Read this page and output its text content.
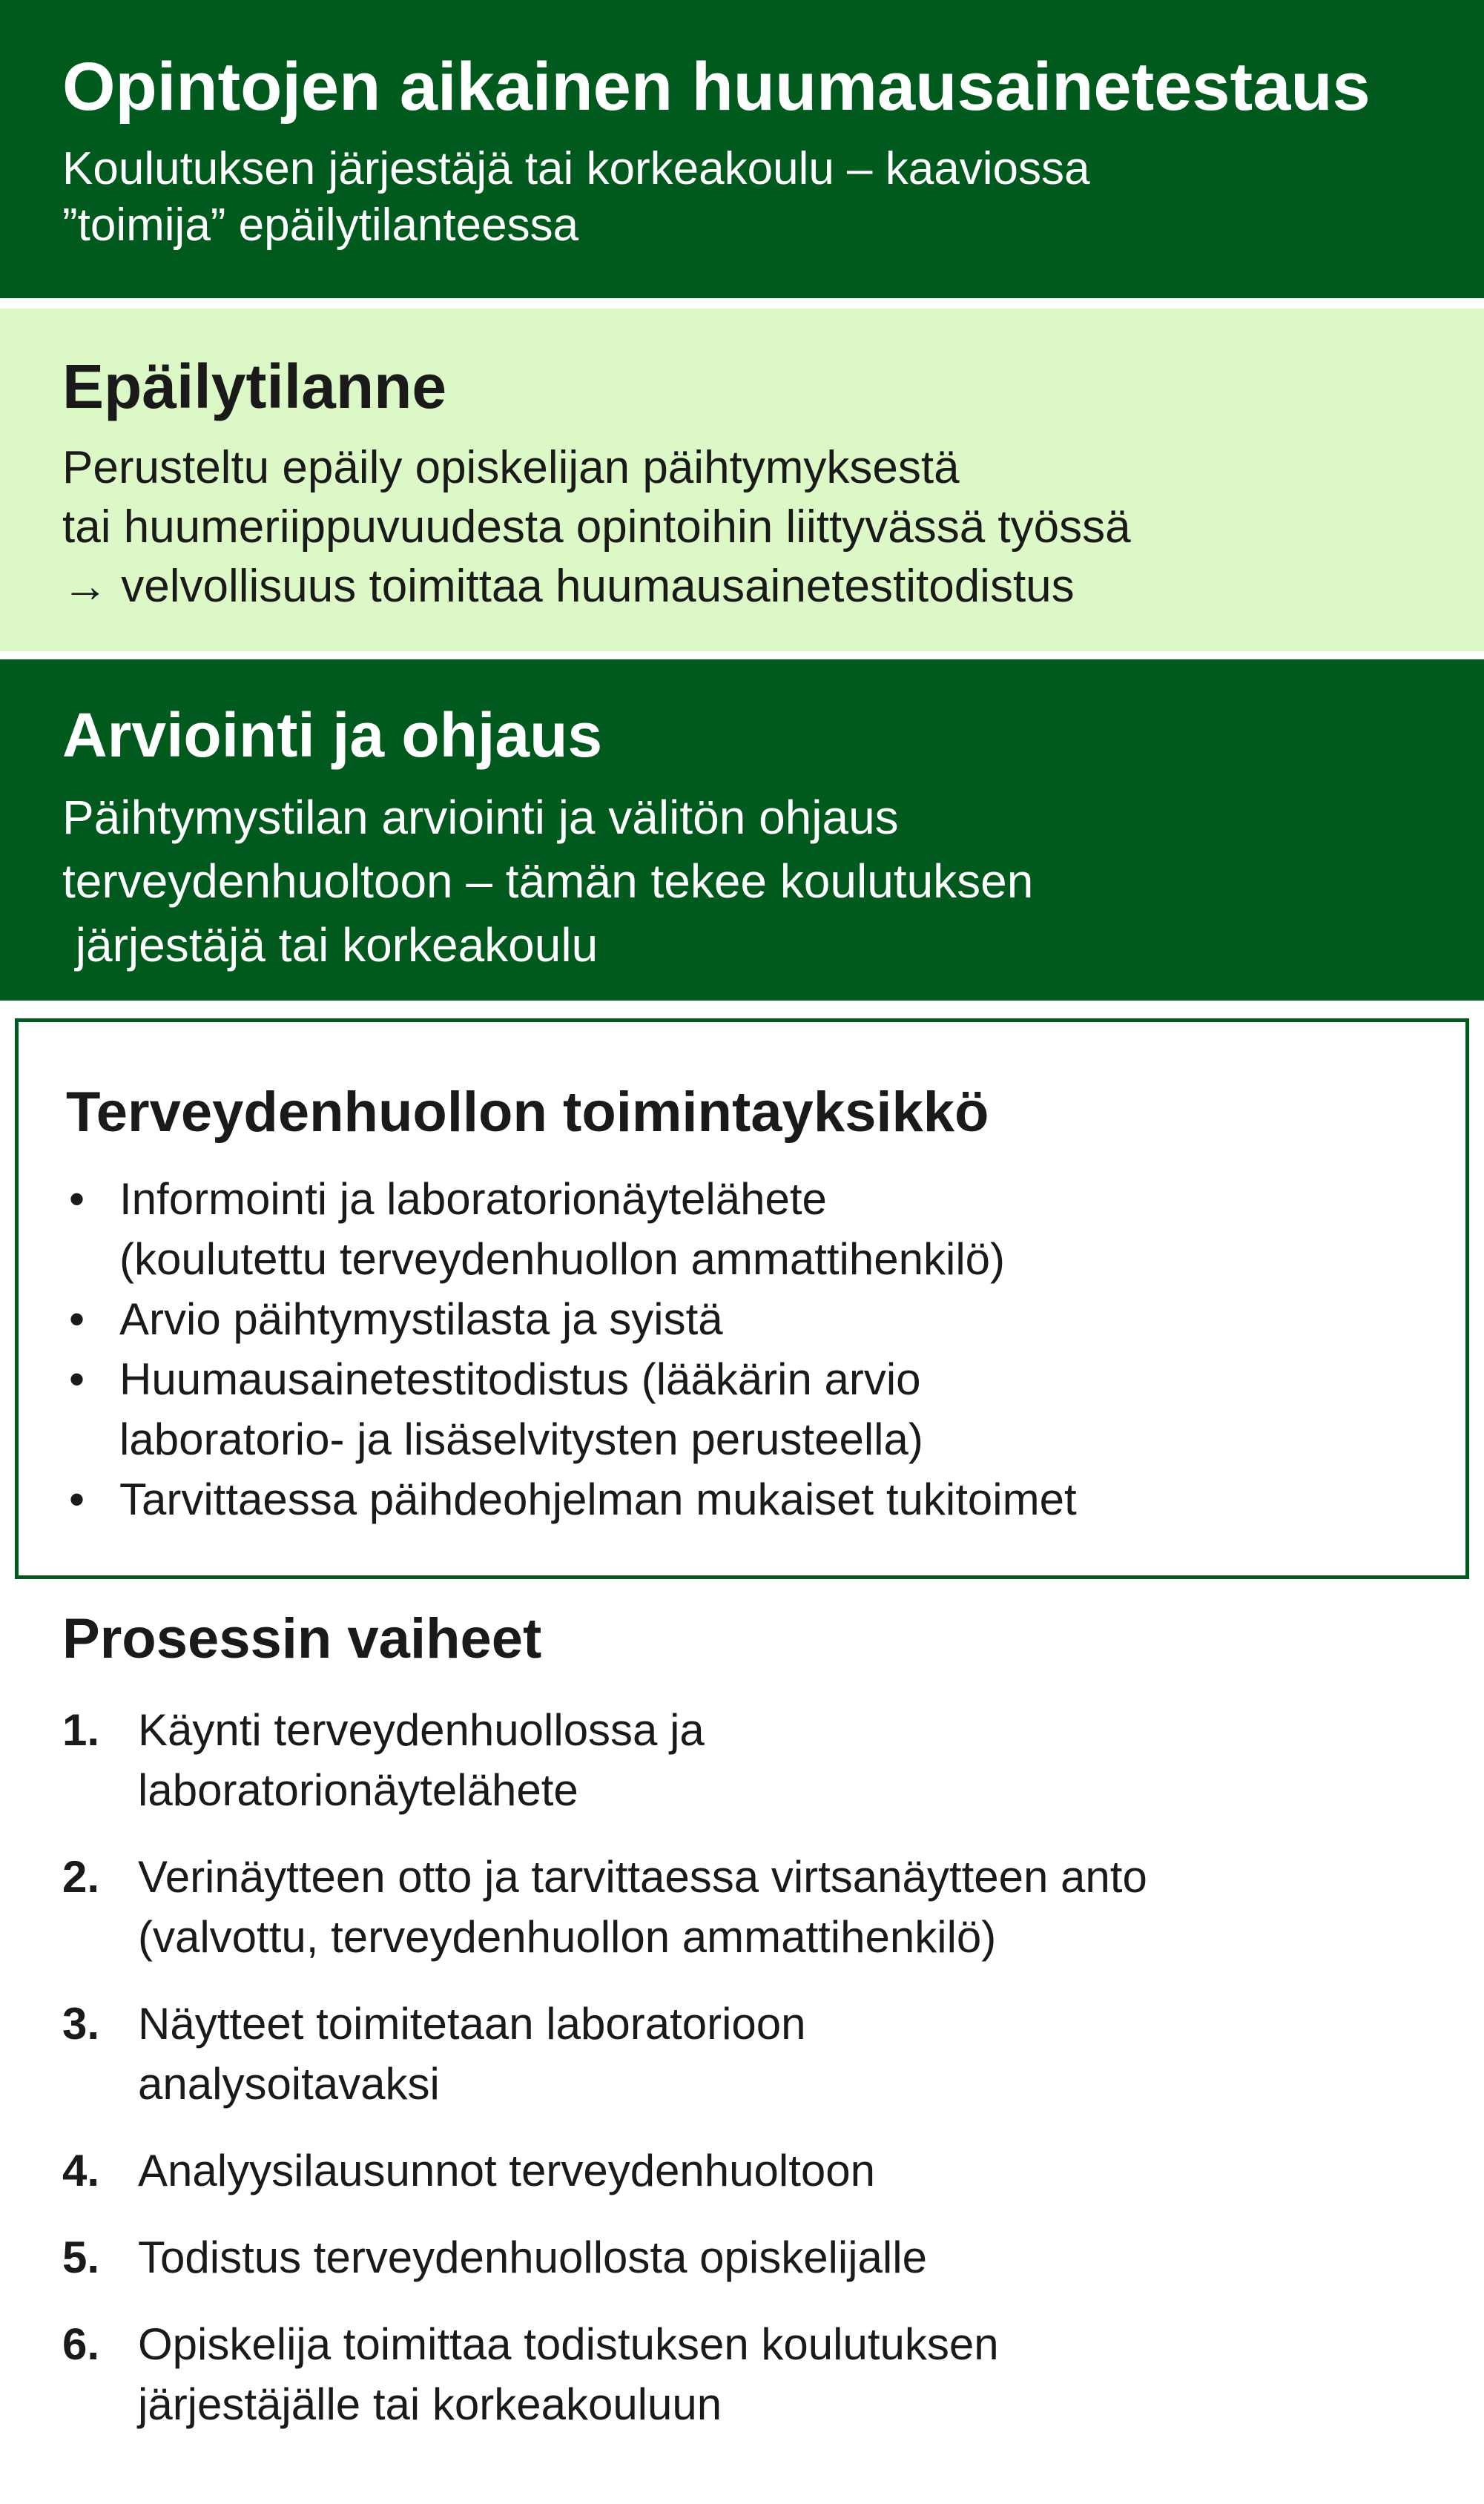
Opintojen aikainen huumausainetestaus
Koulutuksen järjestäjä tai korkeakoulu – kaaviossa
”toimija” epäilytilanteessa
Epäilytilanne
Perusteltu epäily opiskelijan päihtymyksestä
tai huumeriippuvuudesta opintoihin liittyvässä työssä
→ velvollisuus toimittaa huumausainetestitodistus
Arviointi ja ohjaus
Päihtymystilan arviointi ja välitön ohjaus
terveydenhuoltoon – tämän tekee koulutuksen
järjestäjä tai korkeakoulu
Terveydenhuollon toimintayksikkö
• Informointi ja laboratorionäytelähete
(koulutettu terveydenhuollon ammattihenkilö)
• Arvio päihtymystilasta ja syistä
• Huumausainetestitodistus (lääkärin arvio
laboratorio- ja lisäselvitysten perusteella)
• Tarvittaessa päihdeohjelman mukaiset tukitoimet
Prosessin vaiheet
1. Käynti terveydenhuollossa ja
laboratorionäytelähete
2. Verinäytteen otto ja tarvittaessa virtsanäytteen anto
(valvottu, terveydenhuollon ammattihenkilö)
3. Näytteet toimitetaan laboratorioon
analysoitavaksi
4. Analyysilausunnot terveydenhuoltoon
5. Todistus terveydenhuollosta opiskelijalle
6. Opiskelija toimittaa todistuksen koulutuksen
järjestäjälle tai korkeakouluun
